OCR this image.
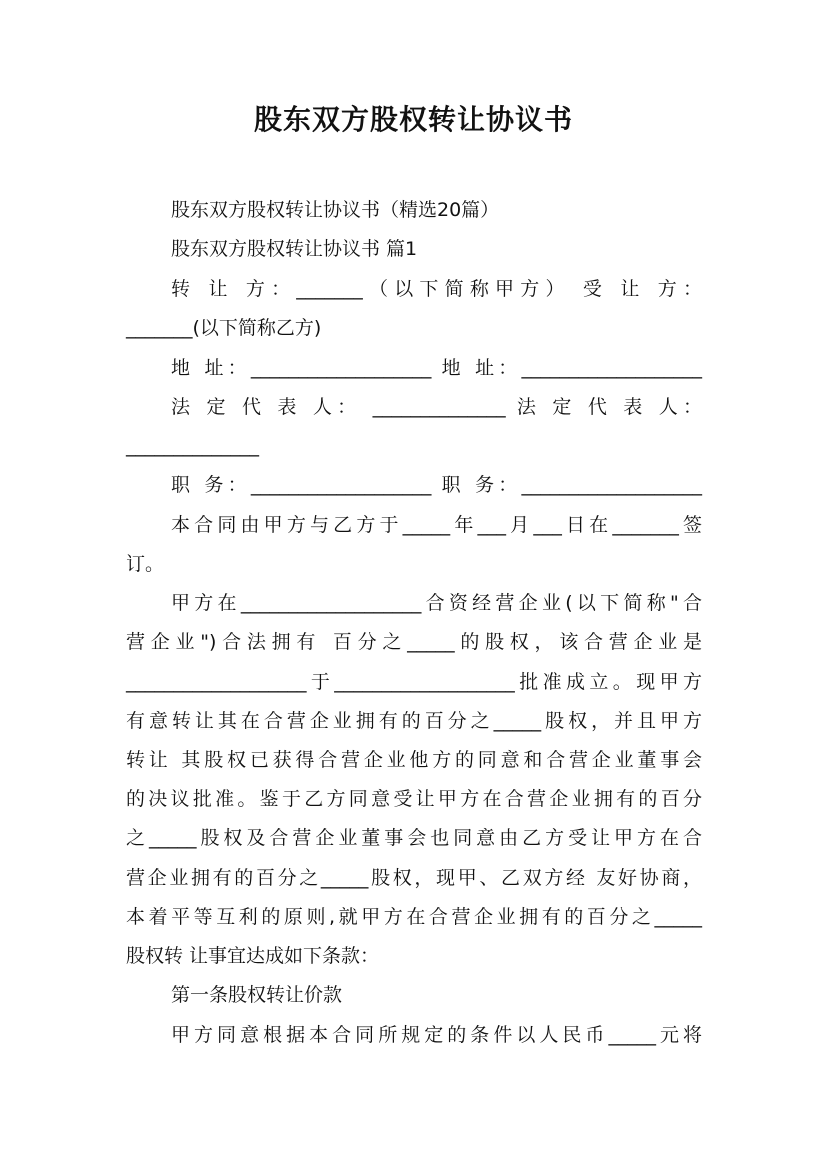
股东双方股权转让协议书
股东双方股权转让协议书（精选20篇）
股东双方股权转让协议书 篇1
转 让 方：_______（以下简称甲方） 受 让 方：
_______(以下简称乙方)
地 址：___________________ 地 址：___________________
法 定 代 表 人： ______________ 法 定 代 表 人：
______________
职 务：___________________ 职 务：___________________
本合同由甲方与乙方于_____年___月___日在_______签
订。
甲方在___________________合资经营企业(以下简称"合
营企业")合法拥有 百分之_____的股权，该合营企业是
___________________于___________________批准成立。现甲方
有意转让其在合营企业拥有的百分之_____股权，并且甲方
转让 其股权已获得合营企业他方的同意和合营企业董事会
的决议批准。鉴于乙方同意受让甲方在合营企业拥有的百分
之_____股权及合营企业董事会也同意由乙方受让甲方在合
营企业拥有的百分之_____股权，现甲、乙双方经 友好协商，
本着平等互利的原则,就甲方在合营企业拥有的百分之_____
股权转 让事宜达成如下条款：
第一条股权转让价款
甲方同意根据本合同所规定的条件以人民币_____元将
